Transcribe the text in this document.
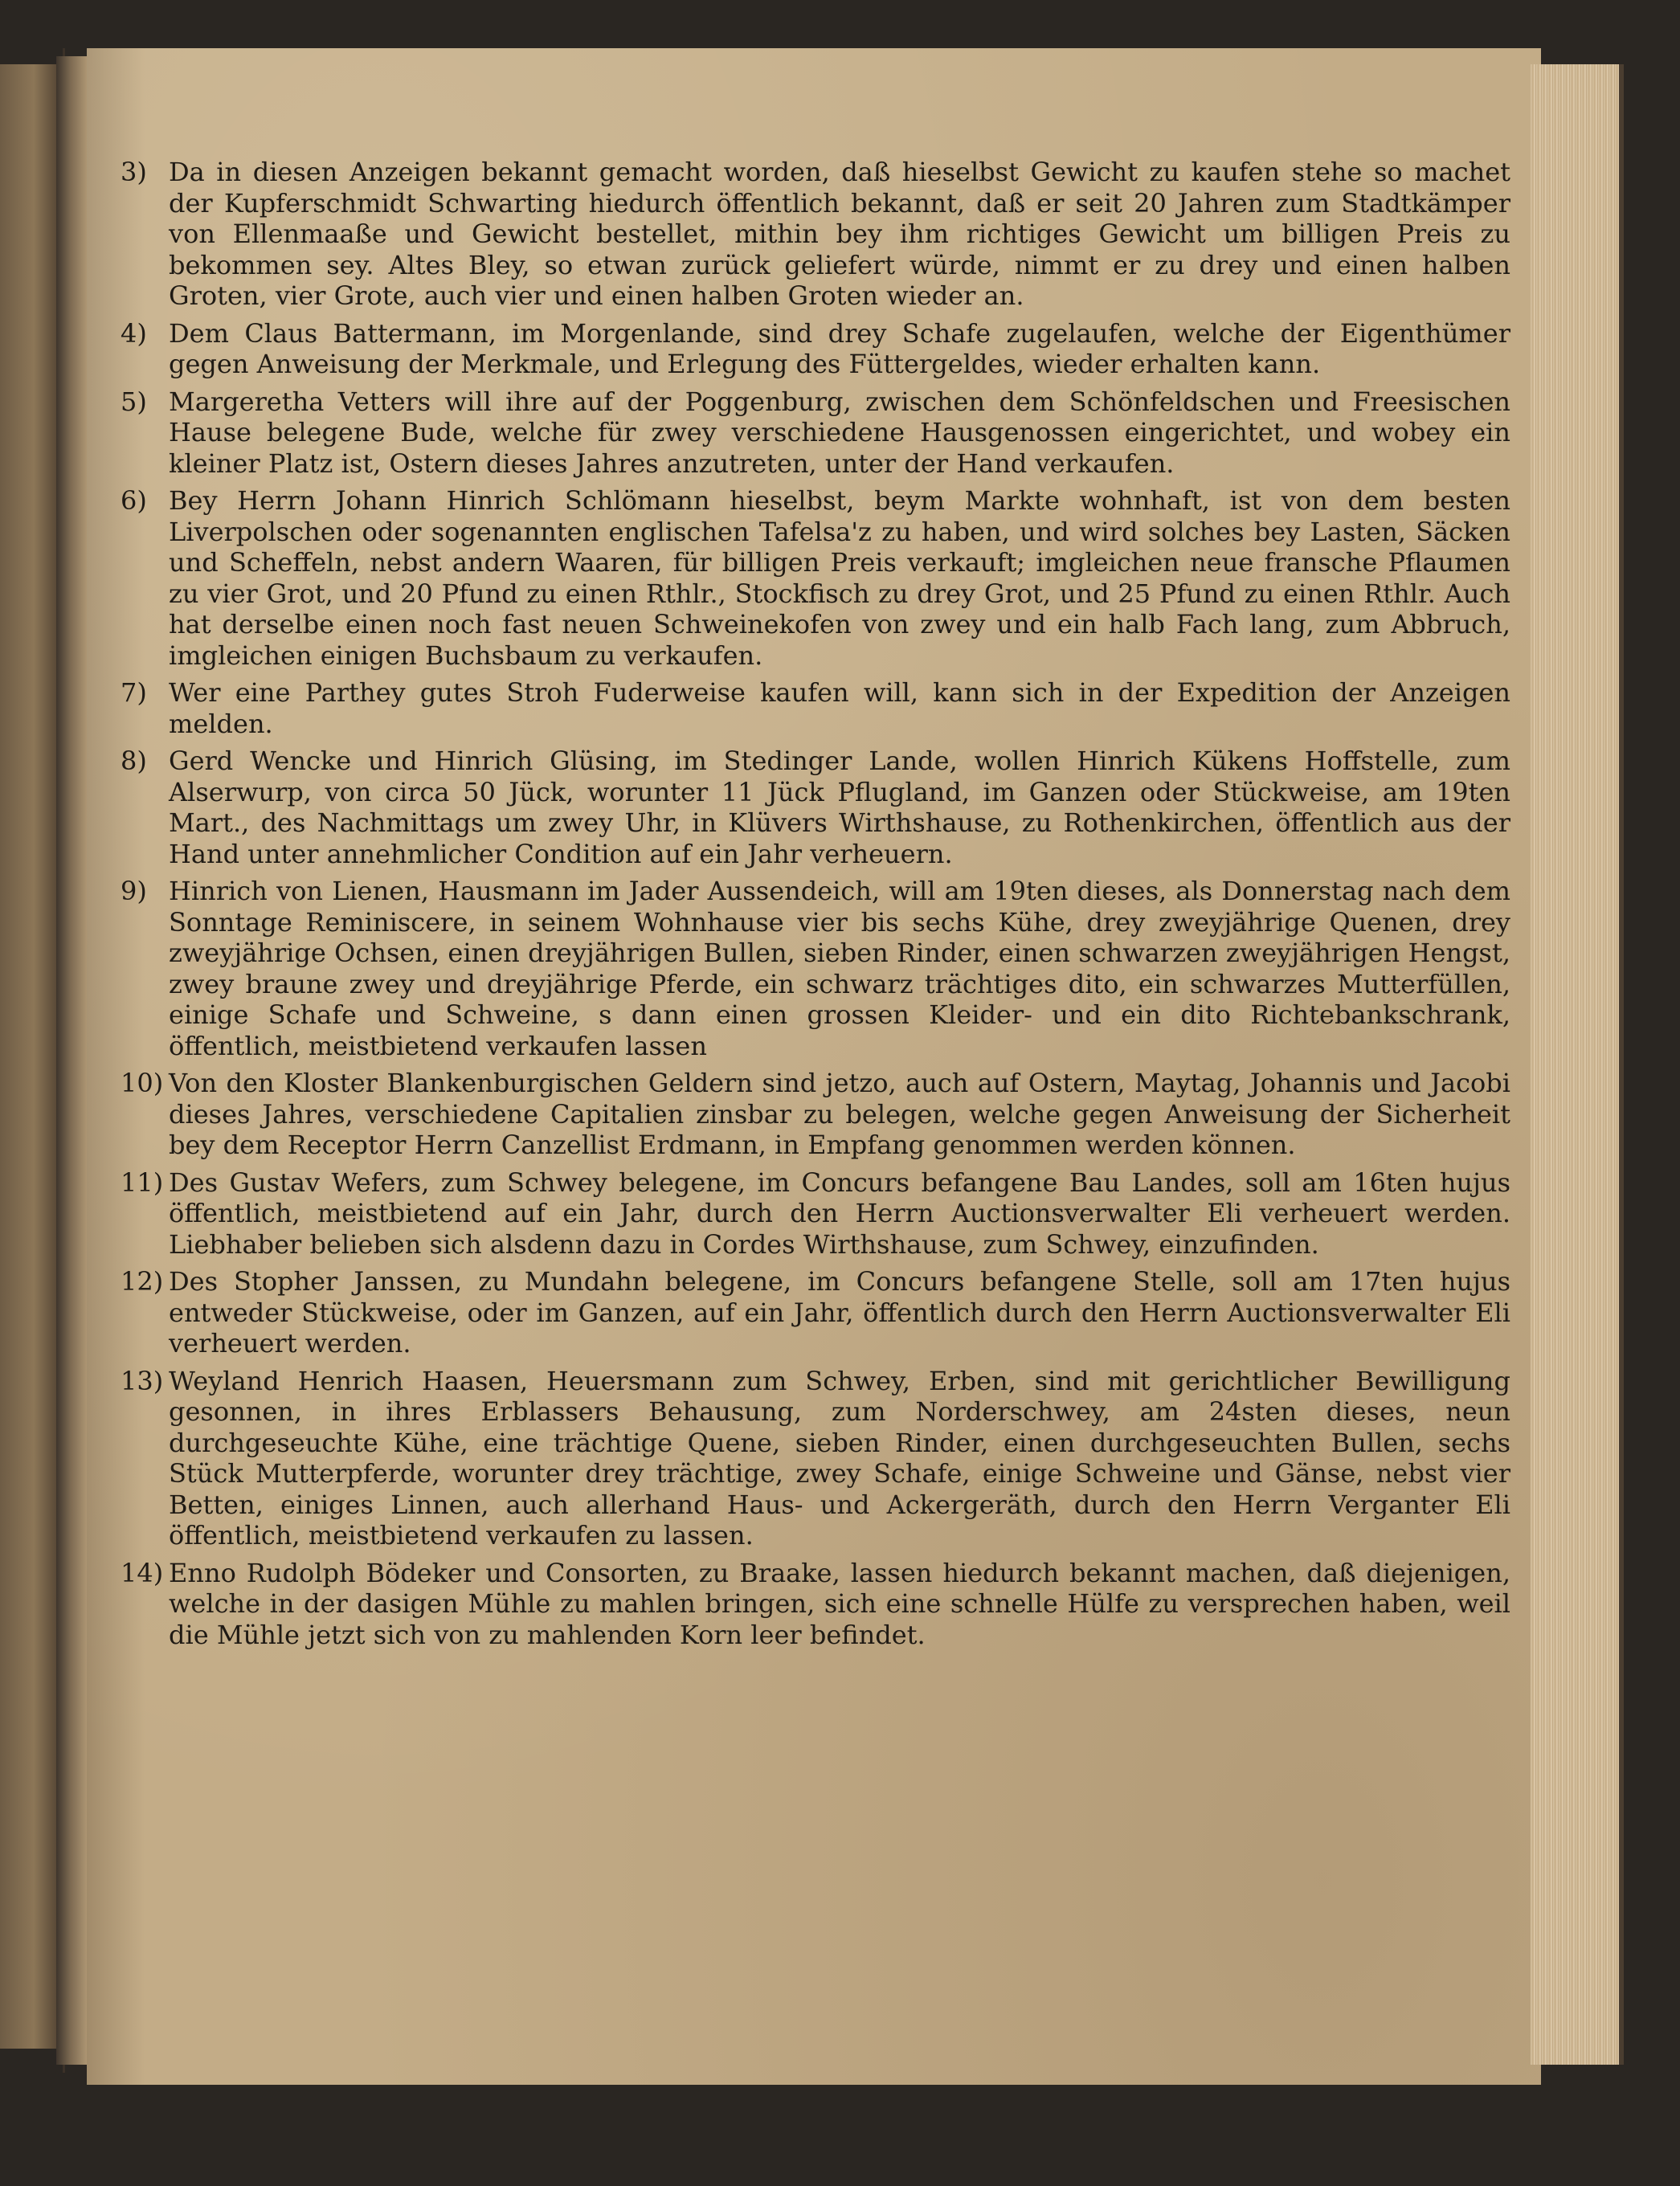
3) Da in diesen Anzeigen bekannt gemacht worden, daß hieselbst Gewicht zu kaufen stehe so machet der Kupferschmidt Schwarting hiedurch öffentlich bekannt, daß er seit 20 Jahren zum Stadtkämper von Ellenmaaße und Gewicht bestellet, mithin bey ihm richtiges Gewicht um billigen Preis zu bekommen sey. Altes Bley, so etwan zurück geliefert würde, nimmt er zu drey und einen halben Groten, vier Grote, auch vier und einen halben Groten wieder an.
4) Dem Claus Battermann, im Morgenlande, sind drey Schafe zugelaufen, welche der Eigenthümer gegen Anweisung der Merkmale, und Erlegung des Füttergeldes, wieder erhalten kann.
5) Margeretha Vetters will ihre auf der Poggenburg, zwischen dem Schönfeldschen und Freesischen Hause belegene Bude, welche für zwey verschiedene Hausgenossen eingerichtet, und wobey ein kleiner Platz ist, Ostern dieses Jahres anzutreten, unter der Hand verkaufen.
6) Bey Herrn Johann Hinrich Schlömann hieselbst, beym Markte wohnhaft, ist von dem besten Liverpolschen oder sogenannten englischen Tafelsa'z zu haben, und wird solches bey Lasten, Säcken und Scheffeln, nebst andern Waaren, für billigen Preis verkauft; imgleichen neue fransche Pflaumen zu vier Grot, und 20 Pfund zu einen Rthlr., Stockfisch zu drey Grot, und 25 Pfund zu einen Rthlr. Auch hat derselbe einen noch fast neuen Schweinekofen von zwey und ein halb Fach lang, zum Abbruch, imgleichen einigen Buchsbaum zu verkaufen.
7) Wer eine Parthey gutes Stroh Fuderweise kaufen will, kann sich in der Expedition der Anzeigen melden.
8) Gerd Wencke und Hinrich Glüsing, im Stedinger Lande, wollen Hinrich Kükens Hoffstelle, zum Alserwurp, von circa 50 Jück, worunter 11 Jück Pflugland, im Ganzen oder Stückweise, am 19ten Mart., des Nachmittags um zwey Uhr, in Klüvers Wirthshause, zu Rothenkirchen, öffentlich aus der Hand unter annehmlicher Condition auf ein Jahr verheuern.
9) Hinrich von Lienen, Hausmann im Jader Aussendeich, will am 19ten dieses, als Donnerstag nach dem Sonntage Reminiscere, in seinem Wohnhause vier bis sechs Kühe, drey zweyjährige Quenen, drey zweyjährige Ochsen, einen dreyjährigen Bullen, sieben Rinder, einen schwarzen zweyjährigen Hengst, zwey braune zwey und dreyjährige Pferde, ein schwarz trächtiges dito, ein schwarzes Mutterfüllen, einige Schafe und Schweine, s dann einen grossen Kleider- und ein dito Richtebankschrank, öffentlich, meistbietend verkaufen lassen
10) Von den Kloster Blankenburgischen Geldern sind jetzo, auch auf Ostern, Maytag, Johannis und Jacobi dieses Jahres, verschiedene Capitalien zinsbar zu belegen, welche gegen Anweisung der Sicherheit bey dem Receptor Herrn Canzellist Erdmann, in Empfang genommen werden können.
11) Des Gustav Wefers, zum Schwey belegene, im Concurs befangene Bau Landes, soll am 16ten hujus öffentlich, meistbietend auf ein Jahr, durch den Herrn Auctionsverwalter Eli verheuert werden. Liebhaber belieben sich alsdenn dazu in Cordes Wirthshause, zum Schwey, einzufinden.
12) Des Stopher Janssen, zu Mundahn belegene, im Concurs befangene Stelle, soll am 17ten hujus entweder Stückweise, oder im Ganzen, auf ein Jahr, öffentlich durch den Herrn Auctionsverwalter Eli verheuert werden.
13) Weyland Henrich Haasen, Heuersmann zum Schwey, Erben, sind mit gerichtlicher Bewilligung gesonnen, in ihres Erblassers Behausung, zum Norderschwey, am 24sten dieses, neun durchgeseuchte Kühe, eine trächtige Quene, sieben Rinder, einen durchgeseuchten Bullen, sechs Stück Mutterpferde, worunter drey trächtige, zwey Schafe, einige Schweine und Gänse, nebst vier Betten, einiges Linnen, auch allerhand Haus- und Ackergeräth, durch den Herrn Verganter Eli öffentlich, meistbietend verkaufen zu lassen.
14) Enno Rudolph Bödeker und Consorten, zu Braake, lassen hiedurch bekannt machen, daß diejenigen, welche in der dasigen Mühle zu mahlen bringen, sich eine schnelle Hülfe zu versprechen haben, weil die Mühle jetzt sich von zu mahlenden Korn leer befindet.
